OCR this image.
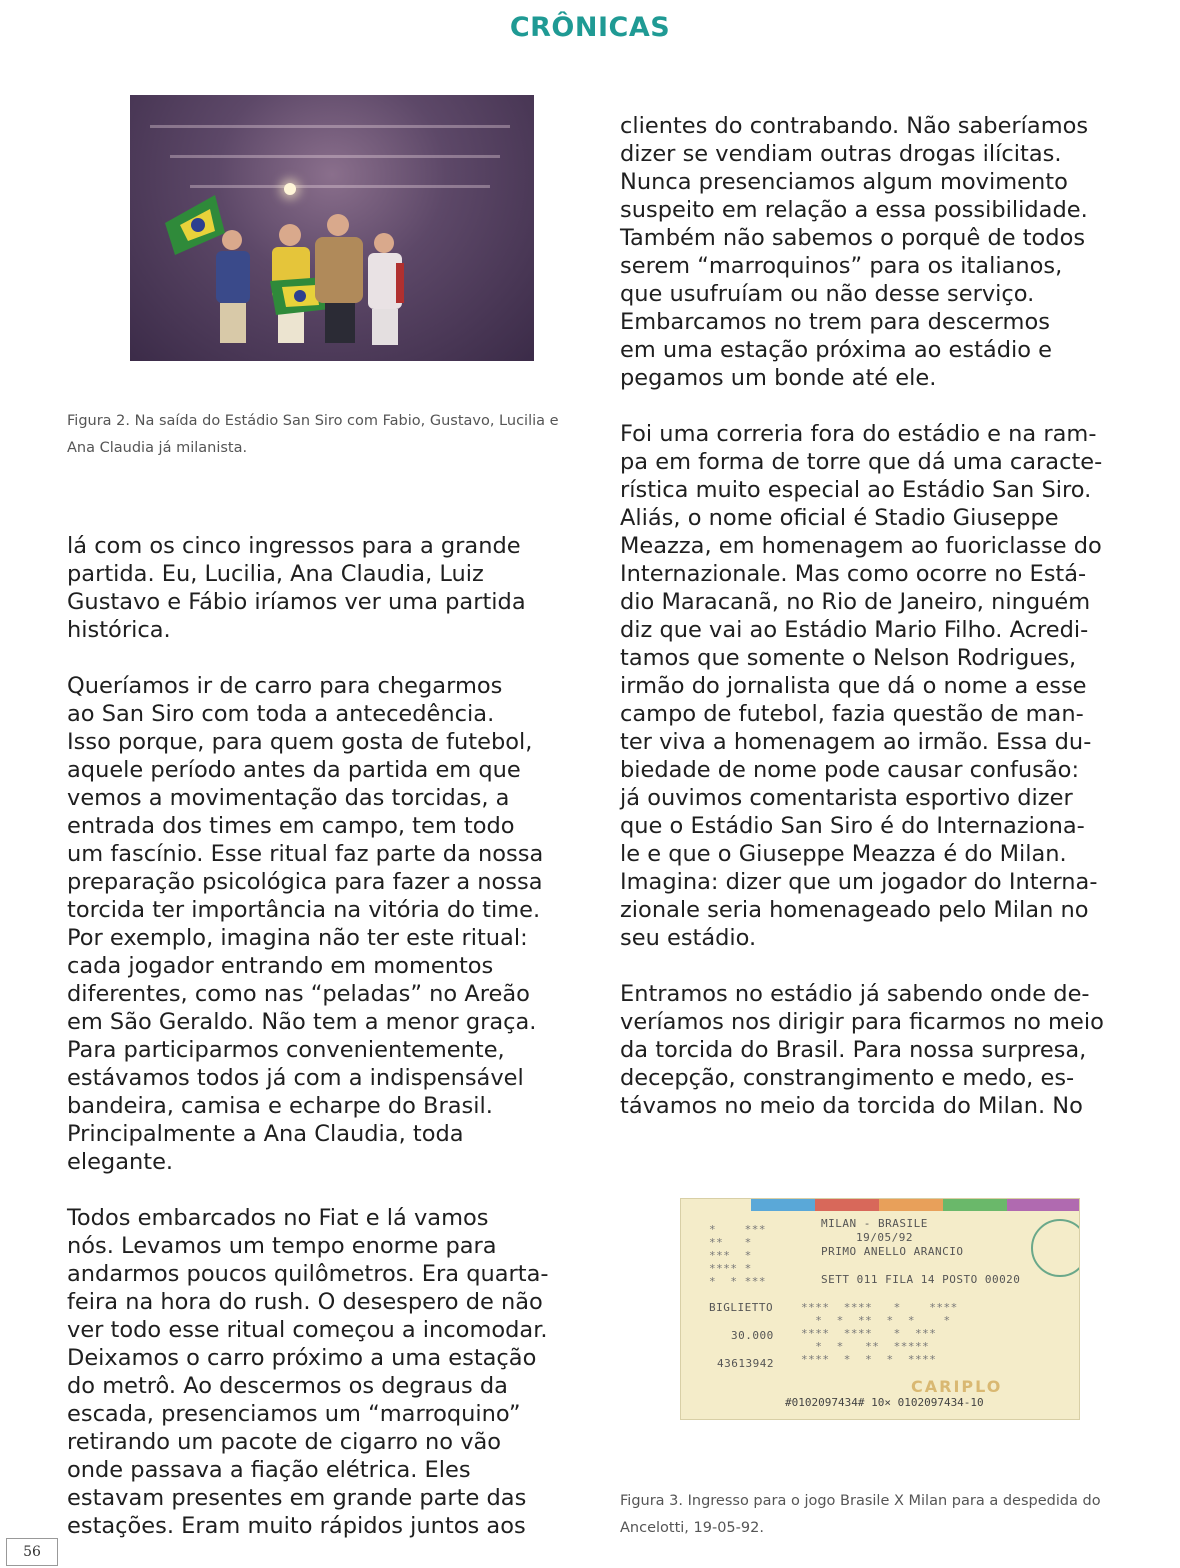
CRÔNICAS
Figura 2. Na saída do Estádio San Siro com Fabio, Gustavo, Lucilia e
Ana Claudia já milanista.

lá com os cinco ingressos para a grande
partida. Eu, Lucilia, Ana Claudia, Luiz
Gustavo e Fábio iríamos ver uma partida
histórica.

Queríamos ir de carro para chegarmos
ao San Siro com toda a antecedência.
Isso porque, para quem gosta de futebol,
aquele período antes da partida em que
vemos a movimentação das torcidas, a
entrada dos times em campo, tem todo
um fascínio. Esse ritual faz parte da nossa
preparação psicológica para fazer a nossa
torcida ter importância na vitória do time.
Por exemplo, imagina não ter este ritual:
cada jogador entrando em momentos
diferentes, como nas “peladas” no Areão
em São Geraldo. Não tem a menor graça.
Para participarmos convenientemente,
estávamos todos já com a indispensável
bandeira, camisa e echarpe do Brasil.
Principalmente a Ana Claudia, toda
elegante.

Todos embarcados no Fiat e lá vamos
nós. Levamos um tempo enorme para
andarmos poucos quilômetros. Era quarta-
feira na hora do rush. O desespero de não
ver todo esse ritual começou a incomodar.
Deixamos o carro próximo a uma estação
do metrô. Ao descermos os degraus da
escada, presenciamos um “marroquino”
retirando um pacote de cigarro no vão
onde passava a fiação elétrica. Eles
estavam presentes em grande parte das
estações. Eram muito rápidos juntos aos

clientes do contrabando. Não saberíamos
dizer se vendiam outras drogas ilícitas.
Nunca presenciamos algum movimento
suspeito em relação a essa possibilidade.
Também não sabemos o porquê de todos
serem “marroquinos” para os italianos,
que usufruíam ou não desse serviço.
Embarcamos no trem para descermos
em uma estação próxima ao estádio e
pegamos um bonde até ele.

Foi uma correria fora do estádio e na ram-
pa em forma de torre que dá uma caracte-
rística muito especial ao Estádio San Siro.
Aliás, o nome oficial é Stadio Giuseppe
Meazza, em homenagem ao fuoriclasse do
Internazionale. Mas como ocorre no Está-
dio Maracanã, no Rio de Janeiro, ninguém
diz que vai ao Estádio Mario Filho. Acredi-
tamos que somente o Nelson Rodrigues,
irmão do jornalista que dá o nome a esse
campo de futebol, fazia questão de man-
ter viva a homenagem ao irmão. Essa du-
biedade de nome pode causar confusão:
já ouvimos comentarista esportivo dizer
que o Estádio San Siro é do Internaziona-
le e que o Giuseppe Meazza é do Milan.
Imagina: dizer que um jogador do Interna-
zionale seria homenageado pelo Milan no
seu estádio.

Entramos no estádio já sabendo onde de-
veríamos nos dirigir para ficarmos no meio
da torcida do Brasil. Para nossa surpresa,
decepção, constrangimento e medo, es-
távamos no meio da torcida do Milan. No

MILAN - BRASILE
19/05/92
PRIMO ANELLO ARANCIO
SETT 011 FILA 14 POSTO 00020
BIGLIETTO
30.000
43613942
*    ***
**   *
***  *
**** *
*  * ***
****  ****   *    ****
*  *  **  *  *    *
****  ****   *  ***
*  *   **  *****
****  *  *  *  ****
CARIPLO
#0102097434# 10× 0102097434-10
Figura 3. Ingresso para o jogo Brasile X Milan para a despedida do
Ancelotti, 19-05-92.
56
